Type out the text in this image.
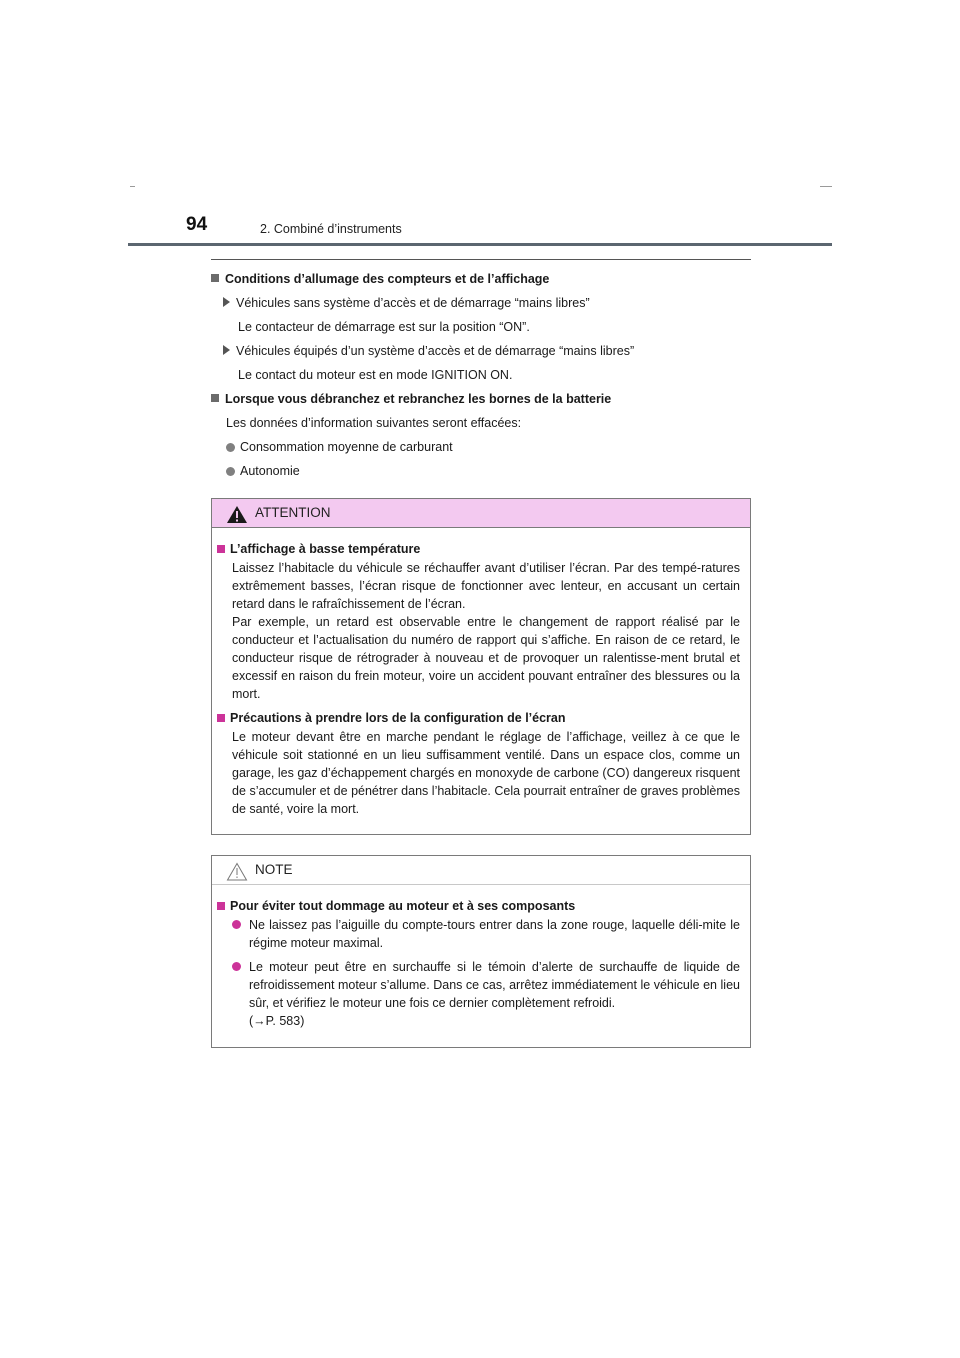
94	2. Combiné d’instruments
Conditions d’allumage des compteurs et de l’affichage
Véhicules sans système d’accès et de démarrage “mains libres”
Le contacteur de démarrage est sur la position “ON”.
Véhicules équipés d’un système d’accès et de démarrage “mains libres”
Le contact du moteur est en mode IGNITION ON.
Lorsque vous débranchez et rebranchez les bornes de la batterie
Les données d’information suivantes seront effacées:
Consommation moyenne de carburant
Autonomie
ATTENTION
L’affichage à basse température
Laissez l’habitacle du véhicule se réchauffer avant d’utiliser l’écran. Par des tempé-ratures extrêmement basses, l’écran risque de fonctionner avec lenteur, en accusant un certain retard dans le rafraîchissement de l’écran.
Par exemple, un retard est observable entre le changement de rapport réalisé par le conducteur et l’actualisation du numéro de rapport qui s’affiche. En raison de ce retard, le conducteur risque de rétrograder à nouveau et de provoquer un ralentisse-ment brutal et excessif en raison du frein moteur, voire un accident pouvant entraîner des blessures ou la mort.
Précautions à prendre lors de la configuration de l’écran
Le moteur devant être en marche pendant le réglage de l’affichage, veillez à ce que le véhicule soit stationné en un lieu suffisamment ventilé. Dans un espace clos, comme un garage, les gaz d’échappement chargés en monoxyde de carbone (CO) dangereux risquent de s’accumuler et de pénétrer dans l’habitacle. Cela pourrait entraîner de graves problèmes de santé, voire la mort.
NOTE
Pour éviter tout dommage au moteur et à ses composants
Ne laissez pas l’aiguille du compte-tours entrer dans la zone rouge, laquelle déli-mite le régime moteur maximal.
Le moteur peut être en surchauffe si le témoin d’alerte de surchauffe de liquide de refroidissement moteur s’allume. Dans ce cas, arrêtez immédiatement le véhicule en lieu sûr, et vérifiez le moteur une fois ce dernier complètement refroidi.
(→P. 583)
